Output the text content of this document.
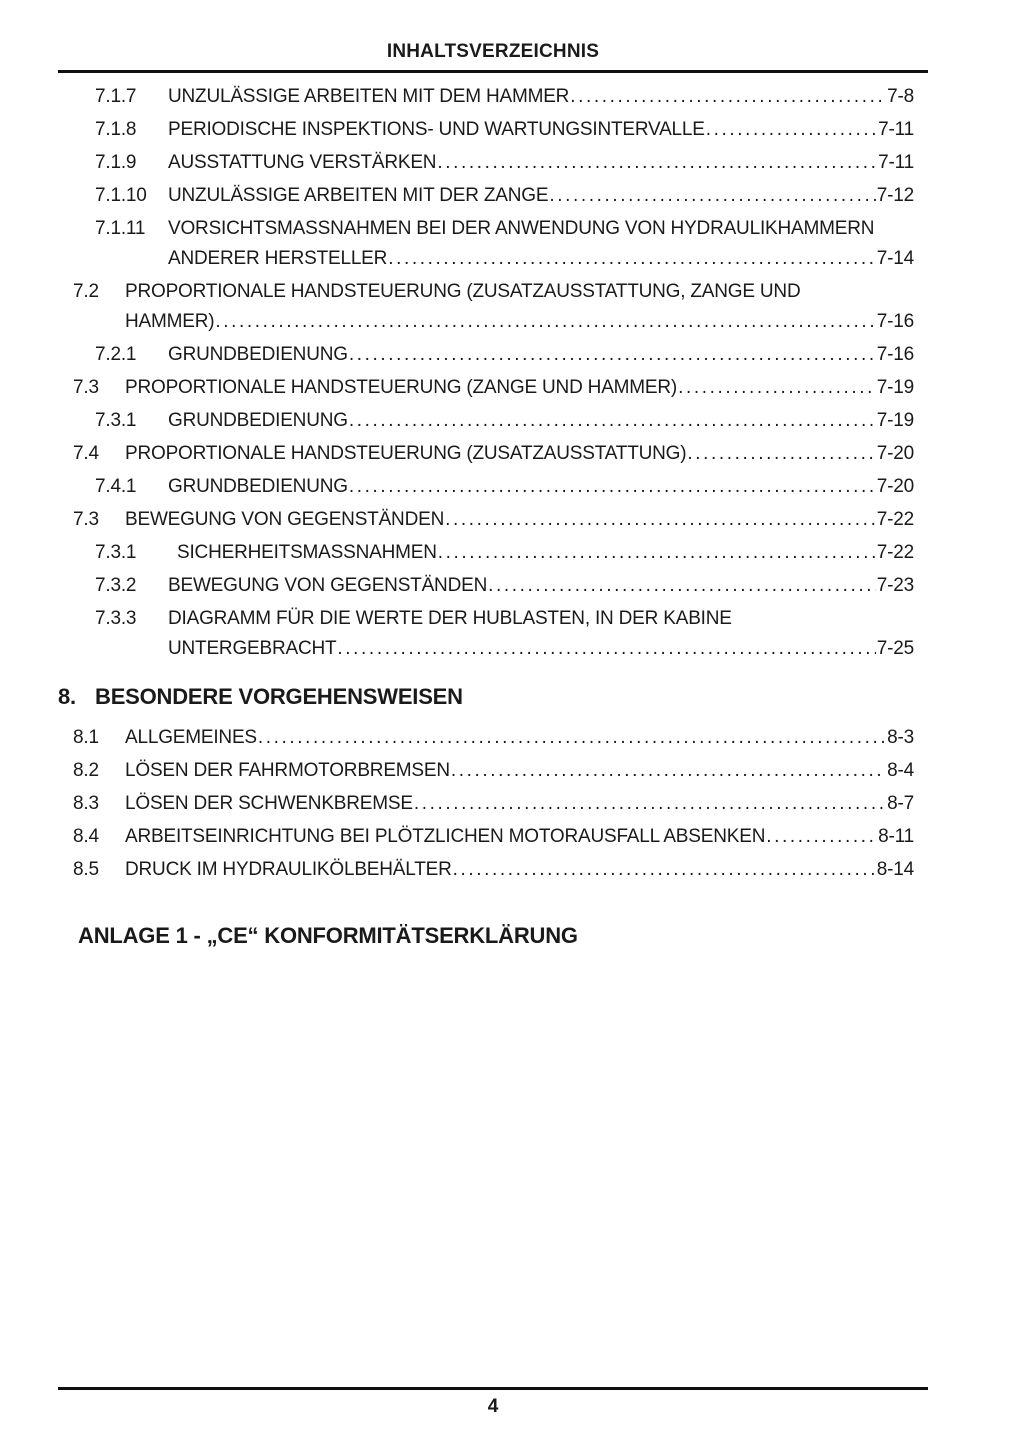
INHALTSVERZEICHNIS
7.1.7	UNZULÄSSIGE ARBEITEN MIT DEM HAMMER .....	7-8
7.1.8	PERIODISCHE INSPEKTIONS- UND WARTUNGSINTERVALLE .....	7-11
7.1.9	AUSSTATTUNG VERSTÄRKEN .....	7-11
7.1.10	UNZULÄSSIGE ARBEITEN MIT DER ZANGE .....	7-12
7.1.11	VORSICHTSMASSNAHMEN BEI DER ANWENDUNG VON HYDRAULIKHAMMERN
ANDERER HERSTELLER .....	7-14
7.2	PROPORTIONALE HANDSTEUERUNG (ZUSATZAUSSTATTUNG, ZANGE UND
HAMMER) .....	7-16
7.2.1	GRUNDBEDIENUNG .....	7-16
7.3	PROPORTIONALE HANDSTEUERUNG (ZANGE UND HAMMER) .....	7-19
7.3.1	GRUNDBEDIENUNG .....	7-19
7.4	PROPORTIONALE HANDSTEUERUNG (ZUSATZAUSSTATTUNG) .....	7-20
7.4.1	GRUNDBEDIENUNG .....	7-20
7.3	BEWEGUNG VON GEGENSTÄNDEN .....	7-22
7.3.1	SICHERHEITSMASSNAHMEN .....	7-22
7.3.2	BEWEGUNG VON GEGENSTÄNDEN .....	7-23
7.3.3	DIAGRAMM FÜR DIE WERTE DER HUBLASTEN, IN DER KABINE
UNTERGEBRACHT .....	7-25
8. BESONDERE VORGEHENSWEISEN
8.1	ALLGEMEINES .....	8-3
8.2	LÖSEN DER FAHRMOTORBREMSEN .....	8-4
8.3	LÖSEN DER SCHWENKBREMSE .....	8-7
8.4	ARBEITSEINRICHTUNG BEI PLÖTZLICHEN MOTORAUSFALL ABSENKEN .....	8-11
8.5	DRUCK IM HYDRAULIKÖLBEHÄLTER .....	8-14
ANLAGE 1 - „CE“ KONFORMITÄTSERKLÄRUNG
4
